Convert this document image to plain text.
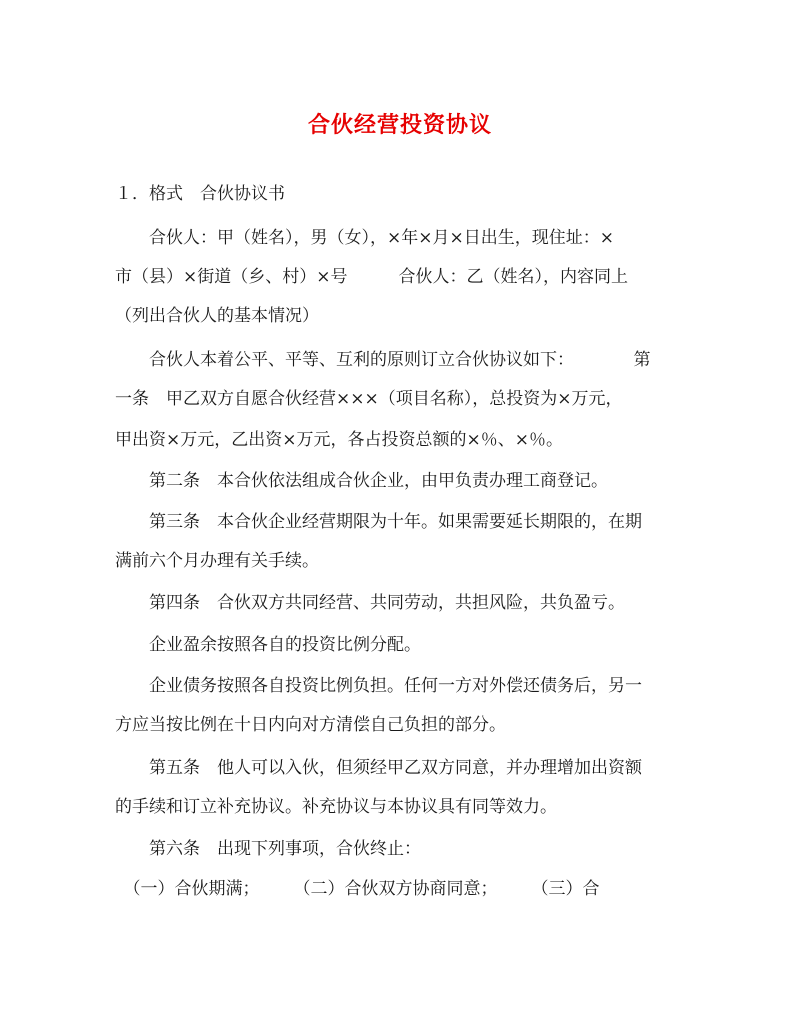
合伙经营投资协议
１．格式　合伙协议书
　　合伙人：甲（姓名），男（女），×年×月×日出生，现住址：×
市（县）×街道（乡、村）×号　　　合伙人：乙（姓名），内容同上
（列出合伙人的基本情况）
　　合伙人本着公平、平等、互利的原则订立合伙协议如下：　　　　第
一条　甲乙双方自愿合伙经营×××（项目名称），总投资为×万元，
甲出资×万元，乙出资×万元，各占投资总额的×％、×％。
　　第二条　本合伙依法组成合伙企业，由甲负责办理工商登记。
　　第三条　本合伙企业经营期限为十年。如果需要延长期限的，在期
满前六个月办理有关手续。
　　第四条　合伙双方共同经营、共同劳动，共担风险，共负盈亏。
　　企业盈余按照各自的投资比例分配。
　　企业债务按照各自投资比例负担。任何一方对外偿还债务后，另一
方应当按比例在十日内向对方清偿自己负担的部分。
　　第五条　他人可以入伙，但须经甲乙双方同意，并办理增加出资额
的手续和订立补充协议。补充协议与本协议具有同等效力。
　　第六条　出现下列事项，合伙终止：
　（一）合伙期满；　　　（二）合伙双方协商同意；　　　（三）合
